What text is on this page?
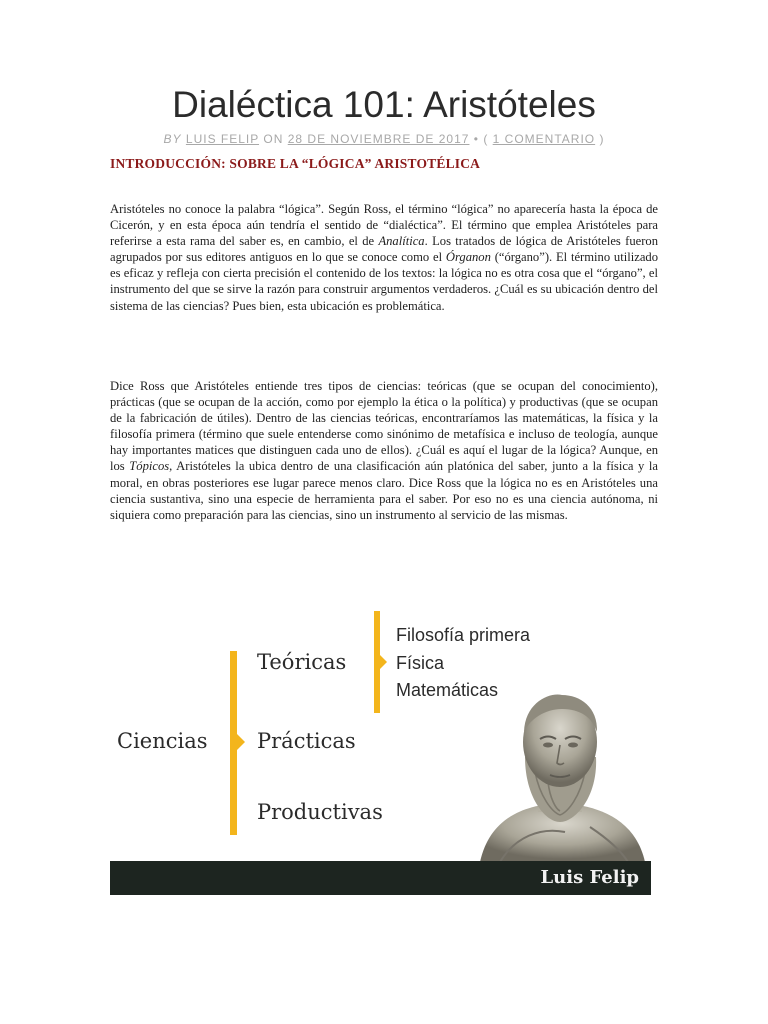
Dialéctica 101: Aristóteles
BY LUIS FELIP ON 28 DE NOVIEMBRE DE 2017 • ( 1 COMENTARIO )
INTRODUCCIÓN: SOBRE LA “LÓGICA” ARISTOTÉLICA

Aristóteles no conoce la palabra “lógica”. Según Ross, el término “lógica” no aparecería hasta la época de Cicerón, y en esta época aún tendría el sentido de “dialéctica”. El término que emplea Aristóteles para referirse a esta rama del saber es, en cambio, el de Analítica. Los tratados de lógica de Aristóteles fueron agrupados por sus editores antiguos en lo que se conoce como el Órganon (“órgano”). El término utilizado es eficaz y refleja con cierta precisión el contenido de los textos: la lógica no es otra cosa que el “órgano”, el instrumento del que se sirve la razón para construir argumentos verdaderos. ¿Cuál es su ubicación dentro del sistema de las ciencias? Pues bien, esta ubicación es problemática.

Dice Ross que Aristóteles entiende tres tipos de ciencias: teóricas (que se ocupan del conocimiento), prácticas (que se ocupan de la acción, como por ejemplo la ética o la política) y productivas (que se ocupan de la fabricación de útiles). Dentro de las ciencias teóricas, encontraríamos las matemáticas, la física y la filosofía primera (término que suele entenderse como sinónimo de metafísica e incluso de teología, aunque hay importantes matices que distinguen cada uno de ellos). ¿Cuál es aquí el lugar de la lógica? Aunque, en los Tópicos, Aristóteles la ubica dentro de una clasificación aún platónica del saber, junto a la física y la moral, en obras posteriores ese lugar parece menos claro. Dice Ross que la lógica no es en Aristóteles una ciencia sustantiva, sino una especie de herramienta para el saber. Por eso no es una ciencia autónoma, ni siquiera como preparación para las ciencias, sino un instrumento al servicio de las mismas.

Ciencias
Teóricas
Prácticas
Productivas
Filosofía primera
Física
Matemáticas
Luis Felip
